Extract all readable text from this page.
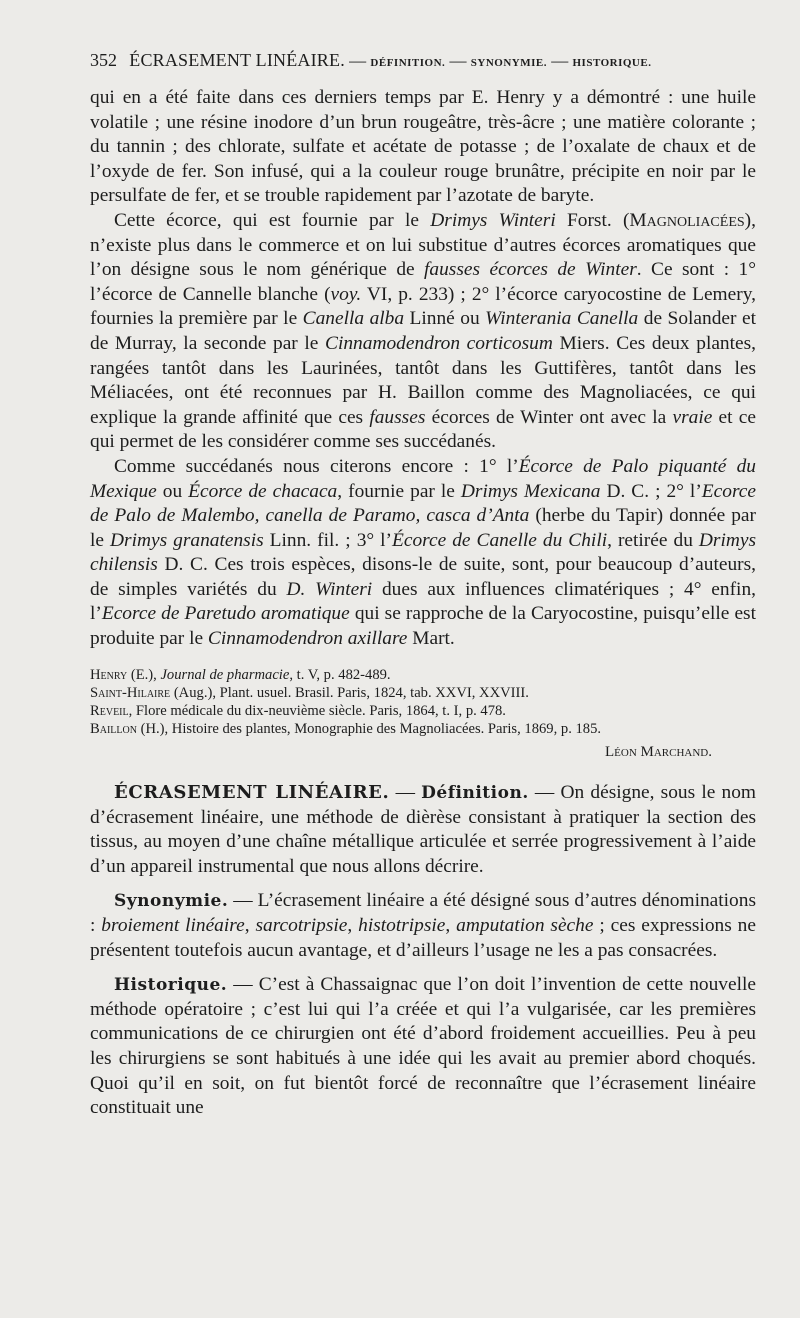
352 ÉCRASEMENT LINÉAIRE. — DÉFINITION. — SYNONYMIE. — HISTORIQUE.

qui en a été faite dans ces derniers temps par E. Henry y a démontré : une huile volatile ; une résine inodore d’un brun rougeâtre, très-âcre ; une matière colorante ; du tannin ; des chlorate, sulfate et acétate de potasse ; de l’oxalate de chaux et de l’oxyde de fer. Son infusé, qui a la couleur rouge brunâtre, précipite en noir par le persulfate de fer, et se trouble rapidement par l’azotate de baryte.

Cette écorce, qui est fournie par le Drimys Winteri Forst. (Magnoliacées), n’existe plus dans le commerce et on lui substitue d’autres écorces aromatiques que l’on désigne sous le nom générique de fausses écorces de Winter. Ce sont : 1° l’écorce de Cannelle blanche (voy. VI, p. 233) ; 2° l’écorce caryocostine de Lemery, fournies la première par le Canella alba Linné ou Winterania Canella de Solander et de Murray, la seconde par le Cinnamodendron corticosum Miers. Ces deux plantes, rangées tantôt dans les Laurinées, tantôt dans les Guttifères, tantôt dans les Méliacées, ont été reconnues par H. Baillon comme des Magnoliacées, ce qui explique la grande affinité que ces fausses écorces de Winter ont avec la vraie et ce qui permet de les considérer comme ses succédanés.

Comme succédanés nous citerons encore : 1° l’Écorce de Palo piquanté du Mexique ou Écorce de chacaca, fournie par le Drimys Mexicana D. C. ; 2° l’Ecorce de Palo de Malembo, canella de Paramo, casca d’Anta (herbe du Tapir) donnée par le Drimys granatensis Linn. fil. ; 3° l’Écorce de Canelle du Chili, retirée du Drimys chilensis D. C. Ces trois espèces, disons-le de suite, sont, pour beaucoup d’auteurs, de simples variétés du D. Winteri dues aux influences climatériques ; 4° enfin, l’Ecorce de Paretudo aromatique qui se rapproche de la Caryocostine, puisqu’elle est produite par le Cinnamodendron axillare Mart.

Henry (E.), Journal de pharmacie, t. V, p. 482-489.
Saint-Hilaire (Aug.), Plant. usuel. Brasil. Paris, 1824, tab. XXVI, XXVIII.
Reveil, Flore médicale du dix-neuvième siècle. Paris, 1864, t. I, p. 478.
Baillon (H.), Histoire des plantes, Monographie des Magnoliacées. Paris, 1869, p. 185.
Léon Marchand.

ÉCRASEMENT LINÉAIRE. — Définition. — On désigne, sous le nom d’écrasement linéaire, une méthode de dièrèse consistant à pratiquer la section des tissus, au moyen d’une chaîne métallique articulée et serrée progressivement à l’aide d’un appareil instrumental que nous allons décrire.

Synonymie. — L’écrasement linéaire a été désigné sous d’autres dénominations : broiement linéaire, sarcotripsie, histotripsie, amputation sèche ; ces expressions ne présentent toutefois aucun avantage, et d’ailleurs l’usage ne les a pas consacrées.

Historique. — C’est à Chassaignac que l’on doit l’invention de cette nouvelle méthode opératoire ; c’est lui qui l’a créée et qui l’a vulgarisée, car les premières communications de ce chirurgien ont été d’abord froidement accueillies. Peu à peu les chirurgiens se sont habitués à une idée qui les avait au premier abord choqués. Quoi qu’il en soit, on fut bientôt forcé de reconnaître que l’écrasement linéaire constituait une
